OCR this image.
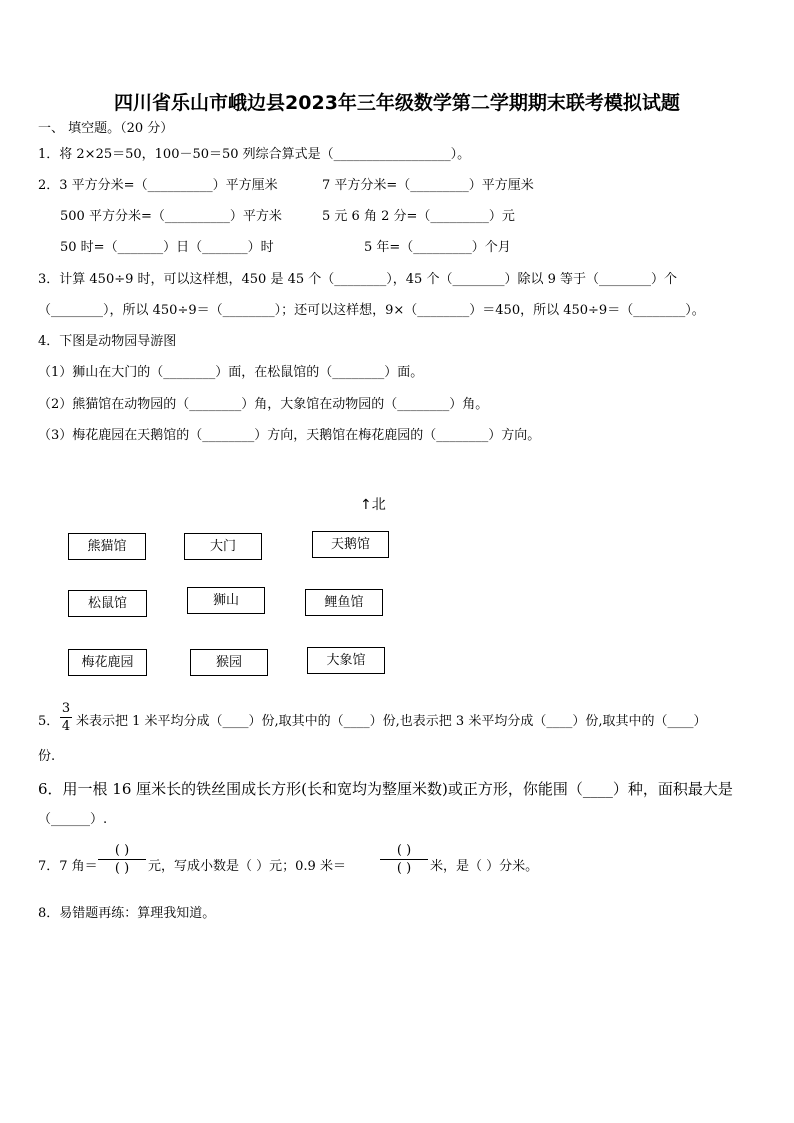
四川省乐山市峨边县2023年三年级数学第二学期期末联考模拟试题
一、 填空题。（20 分）
1．将 2×25＝50，100－50＝50 列综合算式是（__________________）。
2．3 平方分米=（__________）平方厘米	7 平方分米=（_________）平方厘米
500 平方分米=（__________）平方米	5 元 6 角 2 分=（_________）元
50 时=（_______）日（_______）时	5 年=（_________）个月
3．计算 450÷9 时，可以这样想，450 是 45 个（________），45 个（________）除以 9 等于（________）个
（________），所以 450÷9＝（________）；还可以这样想，9×（________）＝450，所以 450÷9＝（________）。
4．下图是动物园导游图
（1）狮山在大门的（________）面，在松鼠馆的（________）面。
（2）熊猫馆在动物园的（________）角，大象馆在动物园的（________）角。
（3）梅花鹿园在天鹅馆的（________）方向，天鹅馆在梅花鹿园的（________）方向。
↑北
熊猫馆	大门	天鹅馆
松鼠馆	狮山	鲤鱼馆
梅花鹿园	猴园	大象馆
5．
3
4 米表示把 1 米平均分成（____）份,取其中的（____）份,也表示把 3 米平均分成（____）份,取其中的（____）
份.
6．用一根 16 厘米长的铁丝围成长方形(长和宽均为整厘米数)或正方形，你能围（____）种，面积最大是
（______）.
7．7 角＝
( )
( )	元，写成小数是（ ）元；0.9 米＝
( )
( )	米，是（ ）分米。
8．易错题再练：算理我知道。
